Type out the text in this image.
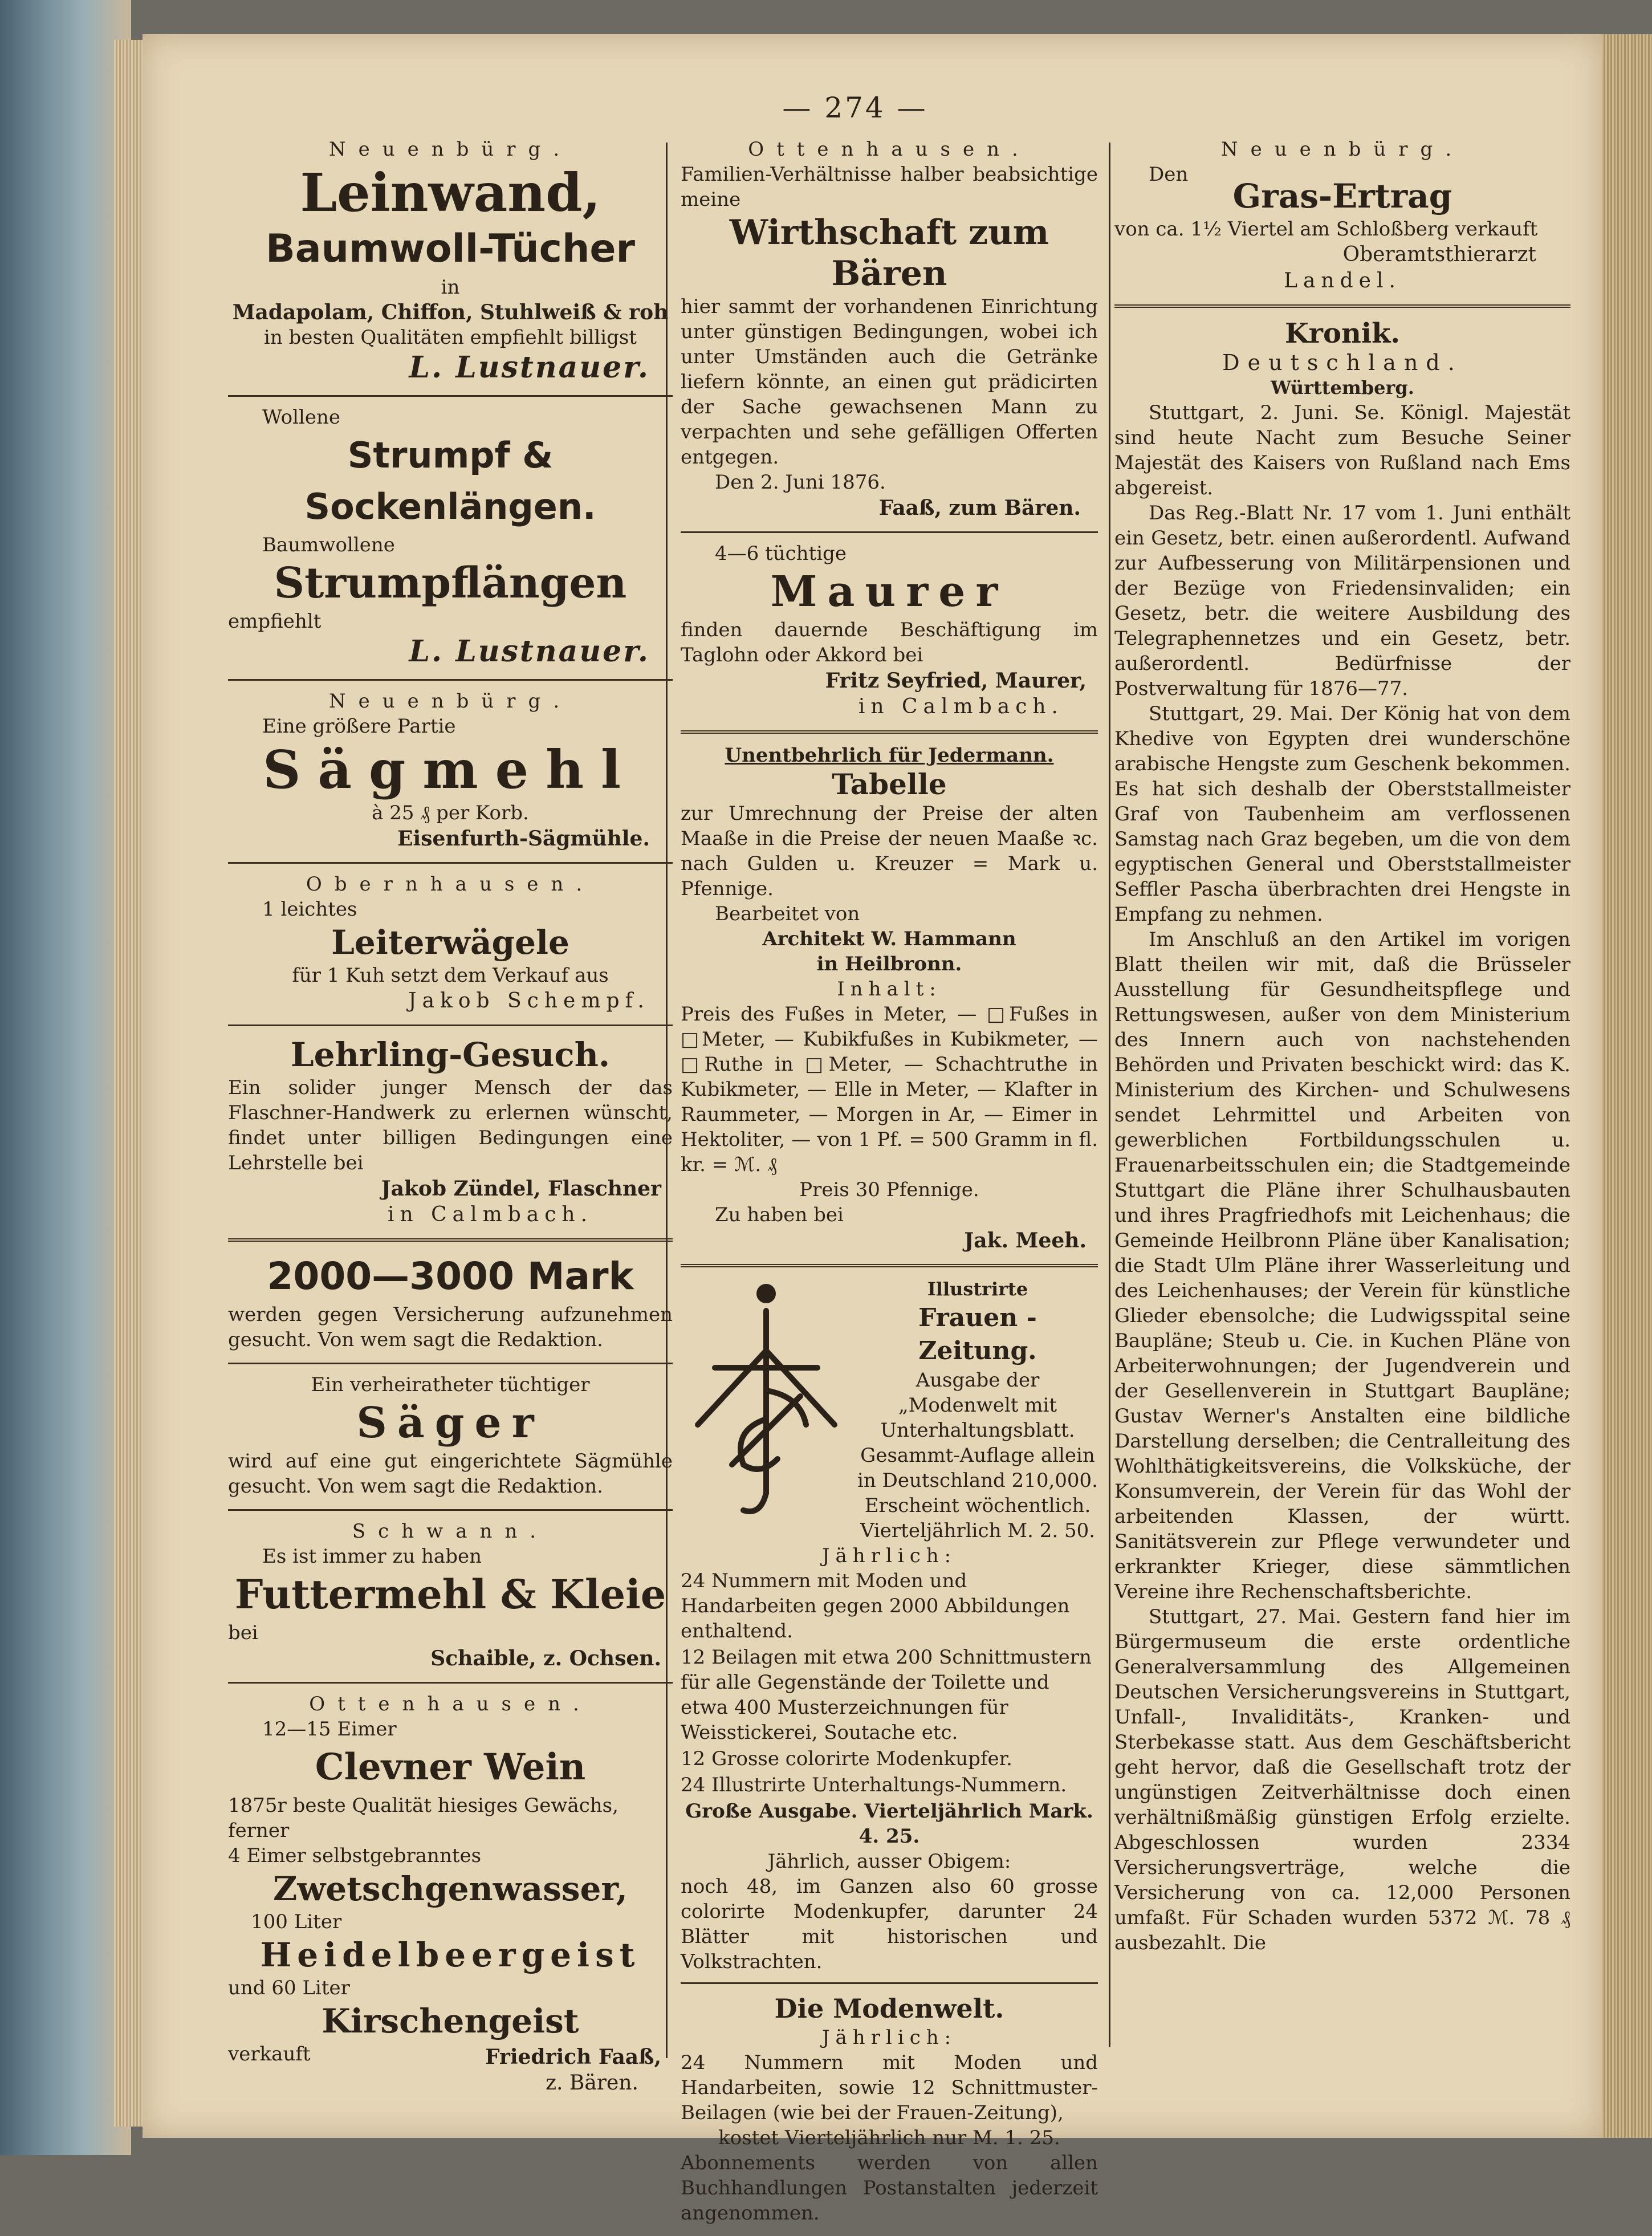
— 274 —
Neuenbürg.
Leinwand,
Baumwoll-Tücher
in
Madapolam, Chiffon, Stuhlweiß & roh
in besten Qualitäten empfiehlt billigst
L. Lustnauer.
Wollene
Strumpf & Sockenlängen.
Baumwollene
Strumpflängen
empfiehlt
L. Lustnauer.
Neuenbürg.
Eine größere Partie
Sägmehl
à 25 ₰ per Korb.
Eisenfurth-Sägmühle.
Obernhausen.
1 leichtes
Leiterwägele
für 1 Kuh setzt dem Verkauf aus
Jakob Schempf.
Lehrling-Gesuch.
Ein solider junger Mensch der das Flaschner-Handwerk zu erlernen wünscht, findet unter billigen Bedingungen eine Lehrstelle bei
Jakob Zündel, Flaschner
in Calmbach.
2000—3000 Mark
werden gegen Versicherung aufzunehmen gesucht. Von wem sagt die Redaktion.
Ein verheiratheter tüchtiger
Säger
wird auf eine gut eingerichtete Sägmühle gesucht. Von wem sagt die Redaktion.
Schwann.
Es ist immer zu haben
Futtermehl & Kleie
bei
Schaible, z. Ochsen.
Ottenhausen.
12—15 Eimer
Clevner Wein
1875r beste Qualität hiesiges Gewächs,
ferner
4 Eimer selbstgebranntes
Zwetschgenwasser,
100 Liter
Heidelbeergeist
und 60 Liter
Kirschengeist
verkauft	Friedrich Faaß,
z. Bären.
Ottenhausen.
Familien-Verhältnisse halber beabsichtige meine
Wirthschaft zum Bären
hier sammt der vorhandenen Einrichtung unter günstigen Bedingungen, wobei ich unter Umständen auch die Getränke liefern könnte, an einen gut prädicirten der Sache gewachsenen Mann zu verpachten und sehe gefälligen Offerten entgegen.
Den 2. Juni 1876.
Faaß, zum Bären.
4—6 tüchtige
Maurer
finden dauernde Beschäftigung im Taglohn oder Akkord bei
Fritz Seyfried, Maurer,
in Calmbach.
Unentbehrlich für Jedermann.
Tabelle
zur Umrechnung der Preise der alten Maaße in die Preise der neuen Maaße ꝛc. nach Gulden u. Kreuzer = Mark u. Pfennige.
Bearbeitet von
Architekt W. Hammann
in Heilbronn.
Inhalt:
Preis des Fußes in Meter, — □Fußes in □Meter, — Kubikfußes in Kubikmeter, — □Ruthe in □Meter, — Schachtruthe in Kubikmeter, — Elle in Meter, — Klafter in Raummeter, — Morgen in Ar, — Eimer in Hektoliter, — von 1 Pf. = 500 Gramm in fl. kr. = ℳ. ₰
Preis 30 Pfennige.
Zu haben bei
Jak. Meeh.
Illustrirte
Frauen - Zeitung.
Ausgabe der „Modenwelt mit Unterhaltungsblatt.
Gesammt-Auflage allein in Deutschland 210,000.
Erscheint wöchentlich.
Vierteljährlich M. 2. 50.
Jährlich:
24 Nummern mit Moden und Handarbeiten gegen 2000 Abbildungen enthaltend.
12 Beilagen mit etwa 200 Schnittmustern für alle Gegenstände der Toilette und etwa 400 Musterzeichnungen für Weisstickerei, Soutache etc.
12 Grosse colorirte Modenkupfer.
24 Illustrirte Unterhaltungs-Nummern.
Große Ausgabe. Vierteljährlich Mark. 4. 25.
Jährlich, ausser Obigem:
noch 48, im Ganzen also 60 grosse colorirte Modenkupfer, darunter 24 Blätter mit historischen und Volkstrachten.
Die Modenwelt.
Jährlich:
24 Nummern mit Moden und Handarbeiten, sowie 12 Schnittmuster-Beilagen (wie bei der Frauen-Zeitung),
kostet Vierteljährlich nur M. 1. 25.
Abonnements werden von allen Buchhandlungen Postanstalten jederzeit angenommen.
Neuenbürg.
Den
Gras-Ertrag
von ca. 1½ Viertel am Schloßberg verkauft
Oberamtsthierarzt
Landel.
Kronik.
Deutschland.
Württemberg.

Stuttgart, 2. Juni. Se. Königl. Majestät sind heute Nacht zum Besuche Seiner Majestät des Kaisers von Rußland nach Ems abgereist.

Das Reg.-Blatt Nr. 17 vom 1. Juni enthält ein Gesetz, betr. einen außerordentl. Aufwand zur Aufbesserung von Militärpensionen und der Bezüge von Friedensinvaliden; ein Gesetz, betr. die weitere Ausbildung des Telegraphennetzes und ein Gesetz, betr. außerordentl. Bedürfnisse der Postverwaltung für 1876—77.

Stuttgart, 29. Mai. Der König hat von dem Khedive von Egypten drei wunderschöne arabische Hengste zum Geschenk bekommen. Es hat sich deshalb der Oberststallmeister Graf von Taubenheim am verflossenen Samstag nach Graz begeben, um die von dem egyptischen General und Oberststallmeister Seffler Pascha überbrachten drei Hengste in Empfang zu nehmen.

Im Anschluß an den Artikel im vorigen Blatt theilen wir mit, daß die Brüsseler Ausstellung für Gesundheitspflege und Rettungswesen, außer von dem Ministerium des Innern auch von nachstehenden Behörden und Privaten beschickt wird: das K. Ministerium des Kirchen- und Schulwesens sendet Lehrmittel und Arbeiten von gewerblichen Fortbildungsschulen u. Frauenarbeitsschulen ein; die Stadtgemeinde Stuttgart die Pläne ihrer Schulhausbauten und ihres Pragfriedhofs mit Leichenhaus; die Gemeinde Heilbronn Pläne über Kanalisation; die Stadt Ulm Pläne ihrer Wasserleitung und des Leichenhauses; der Verein für künstliche Glieder ebensolche; die Ludwigsspital seine Baupläne; Steub u. Cie. in Kuchen Pläne von Arbeiterwohnungen; der Jugendverein und der Gesellenverein in Stuttgart Baupläne; Gustav Werner's Anstalten eine bildliche Darstellung derselben; die Centralleitung des Wohlthätigkeitsvereins, die Volksküche, der Konsumverein, der Verein für das Wohl der arbeitenden Klassen, der württ. Sanitätsverein zur Pflege verwundeter und erkrankter Krieger, diese sämmtlichen Vereine ihre Rechenschaftsberichte.

Stuttgart, 27. Mai. Gestern fand hier im Bürgermuseum die erste ordentliche Generalversammlung des Allgemeinen Deutschen Versicherungsvereins in Stuttgart, Unfall-, Invaliditäts-, Kranken- und Sterbekasse statt. Aus dem Geschäftsbericht geht hervor, daß die Gesellschaft trotz der ungünstigen Zeitverhältnisse doch einen verhältnißmäßig günstigen Erfolg erzielte. Abgeschlossen wurden 2334 Versicherungsverträge, welche die Versicherung von ca. 12,000 Personen umfaßt. Für Schaden wurden 5372 ℳ. 78 ₰ ausbezahlt. Die
